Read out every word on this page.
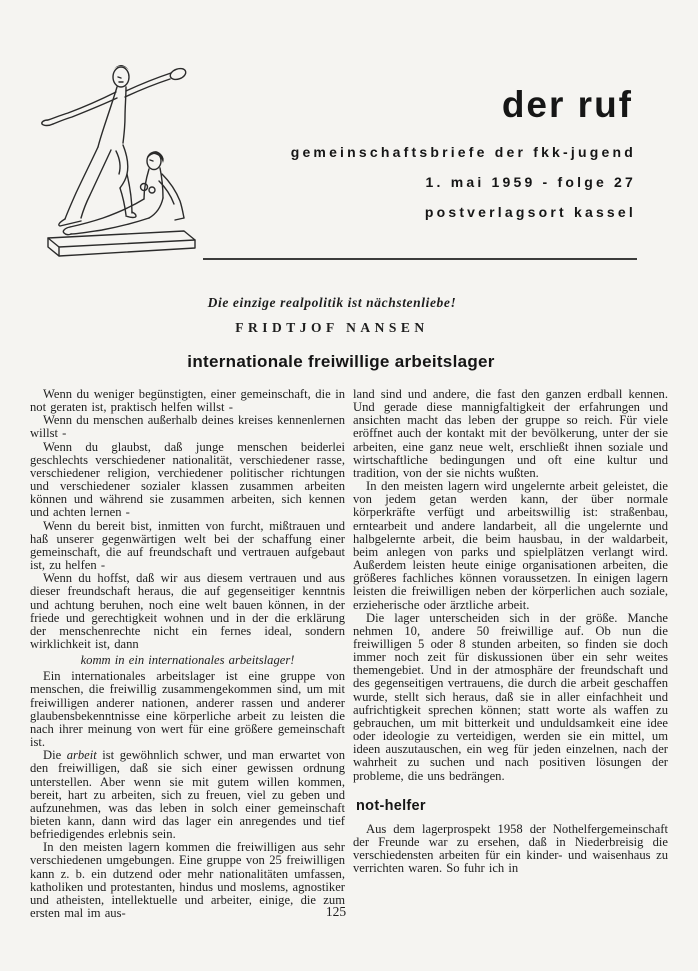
der ruf
gemeinschaftsbriefe der fkk-jugend
1. mai 1959 - folge 27
postverlagsort kassel
Die einzige realpolitik ist nächstenliebe!
FRIDTJOF NANSEN
internationale freiwillige arbeitslager

Wenn du weniger begünstigten, einer gemeinschaft, die in not geraten ist, praktisch helfen willst -

Wenn du menschen außerhalb deines kreises kennenlernen willst -

Wenn du glaubst, daß junge menschen beiderlei geschlechts verschiedener nationalität, verschiedener rasse, verschiedener religion, verchiedener politischer richtungen und verschiedener sozialer klassen zusammen arbeiten können und während sie zusammen arbeiten, sich kennen und achten lernen -

Wenn du bereit bist, inmitten von furcht, mißtrauen und haß unserer gegenwärtigen welt bei der schaffung einer gemeinschaft, die auf freundschaft und vertrauen aufgebaut ist, zu helfen -

Wenn du hoffst, daß wir aus diesem vertrauen und aus dieser freundschaft heraus, die auf gegenseitiger kenntnis und achtung beruhen, noch eine welt bauen können, in der friede und gerechtigkeit wohnen und in der die erklärung der menschenrechte nicht ein fernes ideal, sondern wirklichkeit ist, dann

komm in ein internationales arbeitslager!

Ein internationales arbeitslager ist eine gruppe von menschen, die freiwillig zusammengekommen sind, um mit freiwilligen anderer nationen, anderer rassen und anderer glaubensbekenntnisse eine körperliche arbeit zu leisten die nach ihrer meinung von wert für eine größere gemeinschaft ist.

Die arbeit ist gewöhnlich schwer, und man erwartet von den freiwilligen, daß sie sich einer gewissen ordnung unterstellen. Aber wenn sie mit gutem willen kommen, bereit, hart zu arbeiten, sich zu freuen, viel zu geben und aufzunehmen, was das leben in solch einer gemeinschaft bieten kann, dann wird das lager ein anregendes und tief befriedigendes erlebnis sein.

In den meisten lagern kommen die freiwilligen aus sehr verschiedenen umgebungen. Eine gruppe von 25 freiwilligen kann z. b. ein dutzend oder mehr nationalitäten umfassen, katholiken und protestanten, hindus und moslems, agnostiker und atheisten, intellektuelle und arbeiter, einige, die zum ersten mal im aus-

land sind und andere, die fast den ganzen erdball kennen. Und gerade diese mannigfaltigkeit der erfahrungen und ansichten macht das leben der gruppe so reich. Für viele eröffnet auch der kontakt mit der bevölkerung, unter der sie arbeiten, eine ganz neue welt, erschließt ihnen soziale und wirtschaftliche bedingungen und oft eine kultur und tradition, von der sie nichts wußten.

In den meisten lagern wird ungelernte arbeit geleistet, die von jedem getan werden kann, der über normale körperkräfte verfügt und arbeitswillig ist: straßenbau, erntearbeit und andere landarbeit, all die ungelernte und halbgelernte arbeit, die beim hausbau, in der waldarbeit, beim anlegen von parks und spielplätzen verlangt wird. Außerdem leisten heute einige organisationen arbeiten, die größeres fachliches können voraussetzen. In einigen lagern leisten die freiwilligen neben der körperlichen auch soziale, erzieherische oder ärztliche arbeit.

Die lager unterscheiden sich in der größe. Manche nehmen 10, andere 50 freiwillige auf. Ob nun die freiwilligen 5 oder 8 stunden arbeiten, so finden sie doch immer noch zeit für diskussionen über ein sehr weites themengebiet. Und in der atmosphäre der freundschaft und des gegenseitigen vertrauens, die durch die arbeit geschaffen wurde, stellt sich heraus, daß sie in aller einfachheit und aufrichtigkeit sprechen können; statt worte als waffen zu gebrauchen, um mit bitterkeit und unduldsamkeit eine idee oder ideologie zu verteidigen, werden sie ein mittel, um ideen auszutauschen, ein weg für jeden einzelnen, nach der wahrheit zu suchen und nach positiven lösungen der probleme, die uns bedrängen.

not-helfer

Aus dem lagerprospekt 1958 der Nothelfergemeinschaft der Freunde war zu ersehen, daß in Niederbreisig die verschiedensten arbeiten für ein kinder- und waisenhaus zu verrichten waren. So fuhr ich in

125
